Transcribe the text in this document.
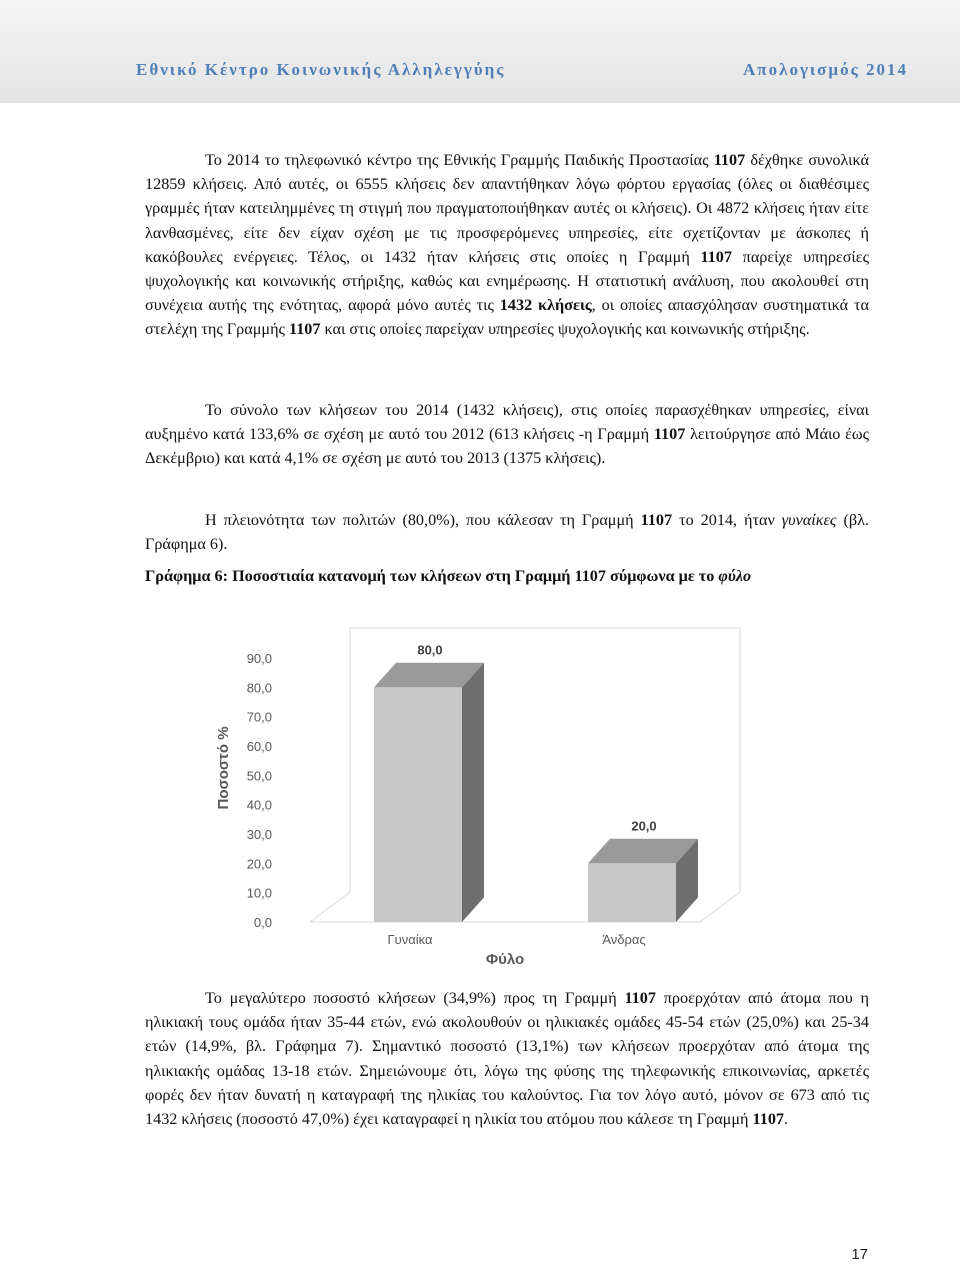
Εθνικό Κέντρο Κοινωνικής Αλληλεγγύης	Απολογισμός 2014

Το 2014 το τηλεφωνικό κέντρο της Εθνικής Γραμμής Παιδικής Προστασίας 1107 δέχθηκε συνολικά 12859 κλήσεις. Από αυτές, οι 6555 κλήσεις δεν απαντήθηκαν λόγω φόρτου εργασίας (όλες οι διαθέσιμες γραμμές ήταν κατειλημμένες τη στιγμή που πραγματοποιήθηκαν αυτές οι κλήσεις). Οι 4872 κλήσεις ήταν είτε λανθασμένες, είτε δεν είχαν σχέση με τις προσφερόμενες υπηρεσίες, είτε σχετίζονταν με άσκοπες ή κακόβουλες ενέργειες. Τέλος, οι 1432 ήταν κλήσεις στις οποίες η Γραμμή 1107 παρείχε υπηρεσίες ψυχολογικής και κοινωνικής στήριξης, καθώς και ενημέρωσης. Η στατιστική ανάλυση, που ακολουθεί στη συνέχεια αυτής της ενότητας, αφορά μόνο αυτές τις 1432 κλήσεις, οι οποίες απασχόλησαν συστηματικά τα στελέχη της Γραμμής 1107 και στις οποίες παρείχαν υπηρεσίες ψυχολογικής και κοινωνικής στήριξης.

Το σύνολο των κλήσεων του 2014 (1432 κλήσεις), στις οποίες παρασχέθηκαν υπηρεσίες, είναι αυξημένο κατά 133,6% σε σχέση με αυτό του 2012 (613 κλήσεις -η Γραμμή 1107 λειτούργησε από Μάιο έως Δεκέμβριο) και κατά 4,1% σε σχέση με αυτό του 2013 (1375 κλήσεις).

Η πλειονότητα των πολιτών (80,0%), που κάλεσαν τη Γραμμή 1107 το 2014, ήταν γυναίκες (βλ. Γράφημα 6).

Γράφημα 6: Ποσοστιαία κατανομή των κλήσεων στη Γραμμή 1107 σύμφωνα με το φύλο
0,0
10,0
20,0
30,0
40,0
50,0
60,0
70,0
80,0
90,0
80,0
20,0
Γυναίκα	Άνδρας
Ποσοστό %
Φύλο

Το μεγαλύτερο ποσοστό κλήσεων (34,9%) προς τη Γραμμή 1107 προερχόταν από άτομα που η ηλικιακή τους ομάδα ήταν 35-44 ετών, ενώ ακολουθούν οι ηλικιακές ομάδες 45-54 ετών (25,0%) και 25-34 ετών (14,9%, βλ. Γράφημα 7). Σημαντικό ποσοστό (13,1%) των κλήσεων προερχόταν από άτομα της ηλικιακής ομάδας 13-18 ετών. Σημειώνουμε ότι, λόγω της φύσης της τηλεφωνικής επικοινωνίας, αρκετές φορές δεν ήταν δυνατή η καταγραφή της ηλικίας του καλούντος. Για τον λόγο αυτό, μόνον σε 673 από τις 1432 κλήσεις (ποσοστό 47,0%) έχει καταγραφεί η ηλικία του ατόμου που κάλεσε τη Γραμμή 1107.

17
